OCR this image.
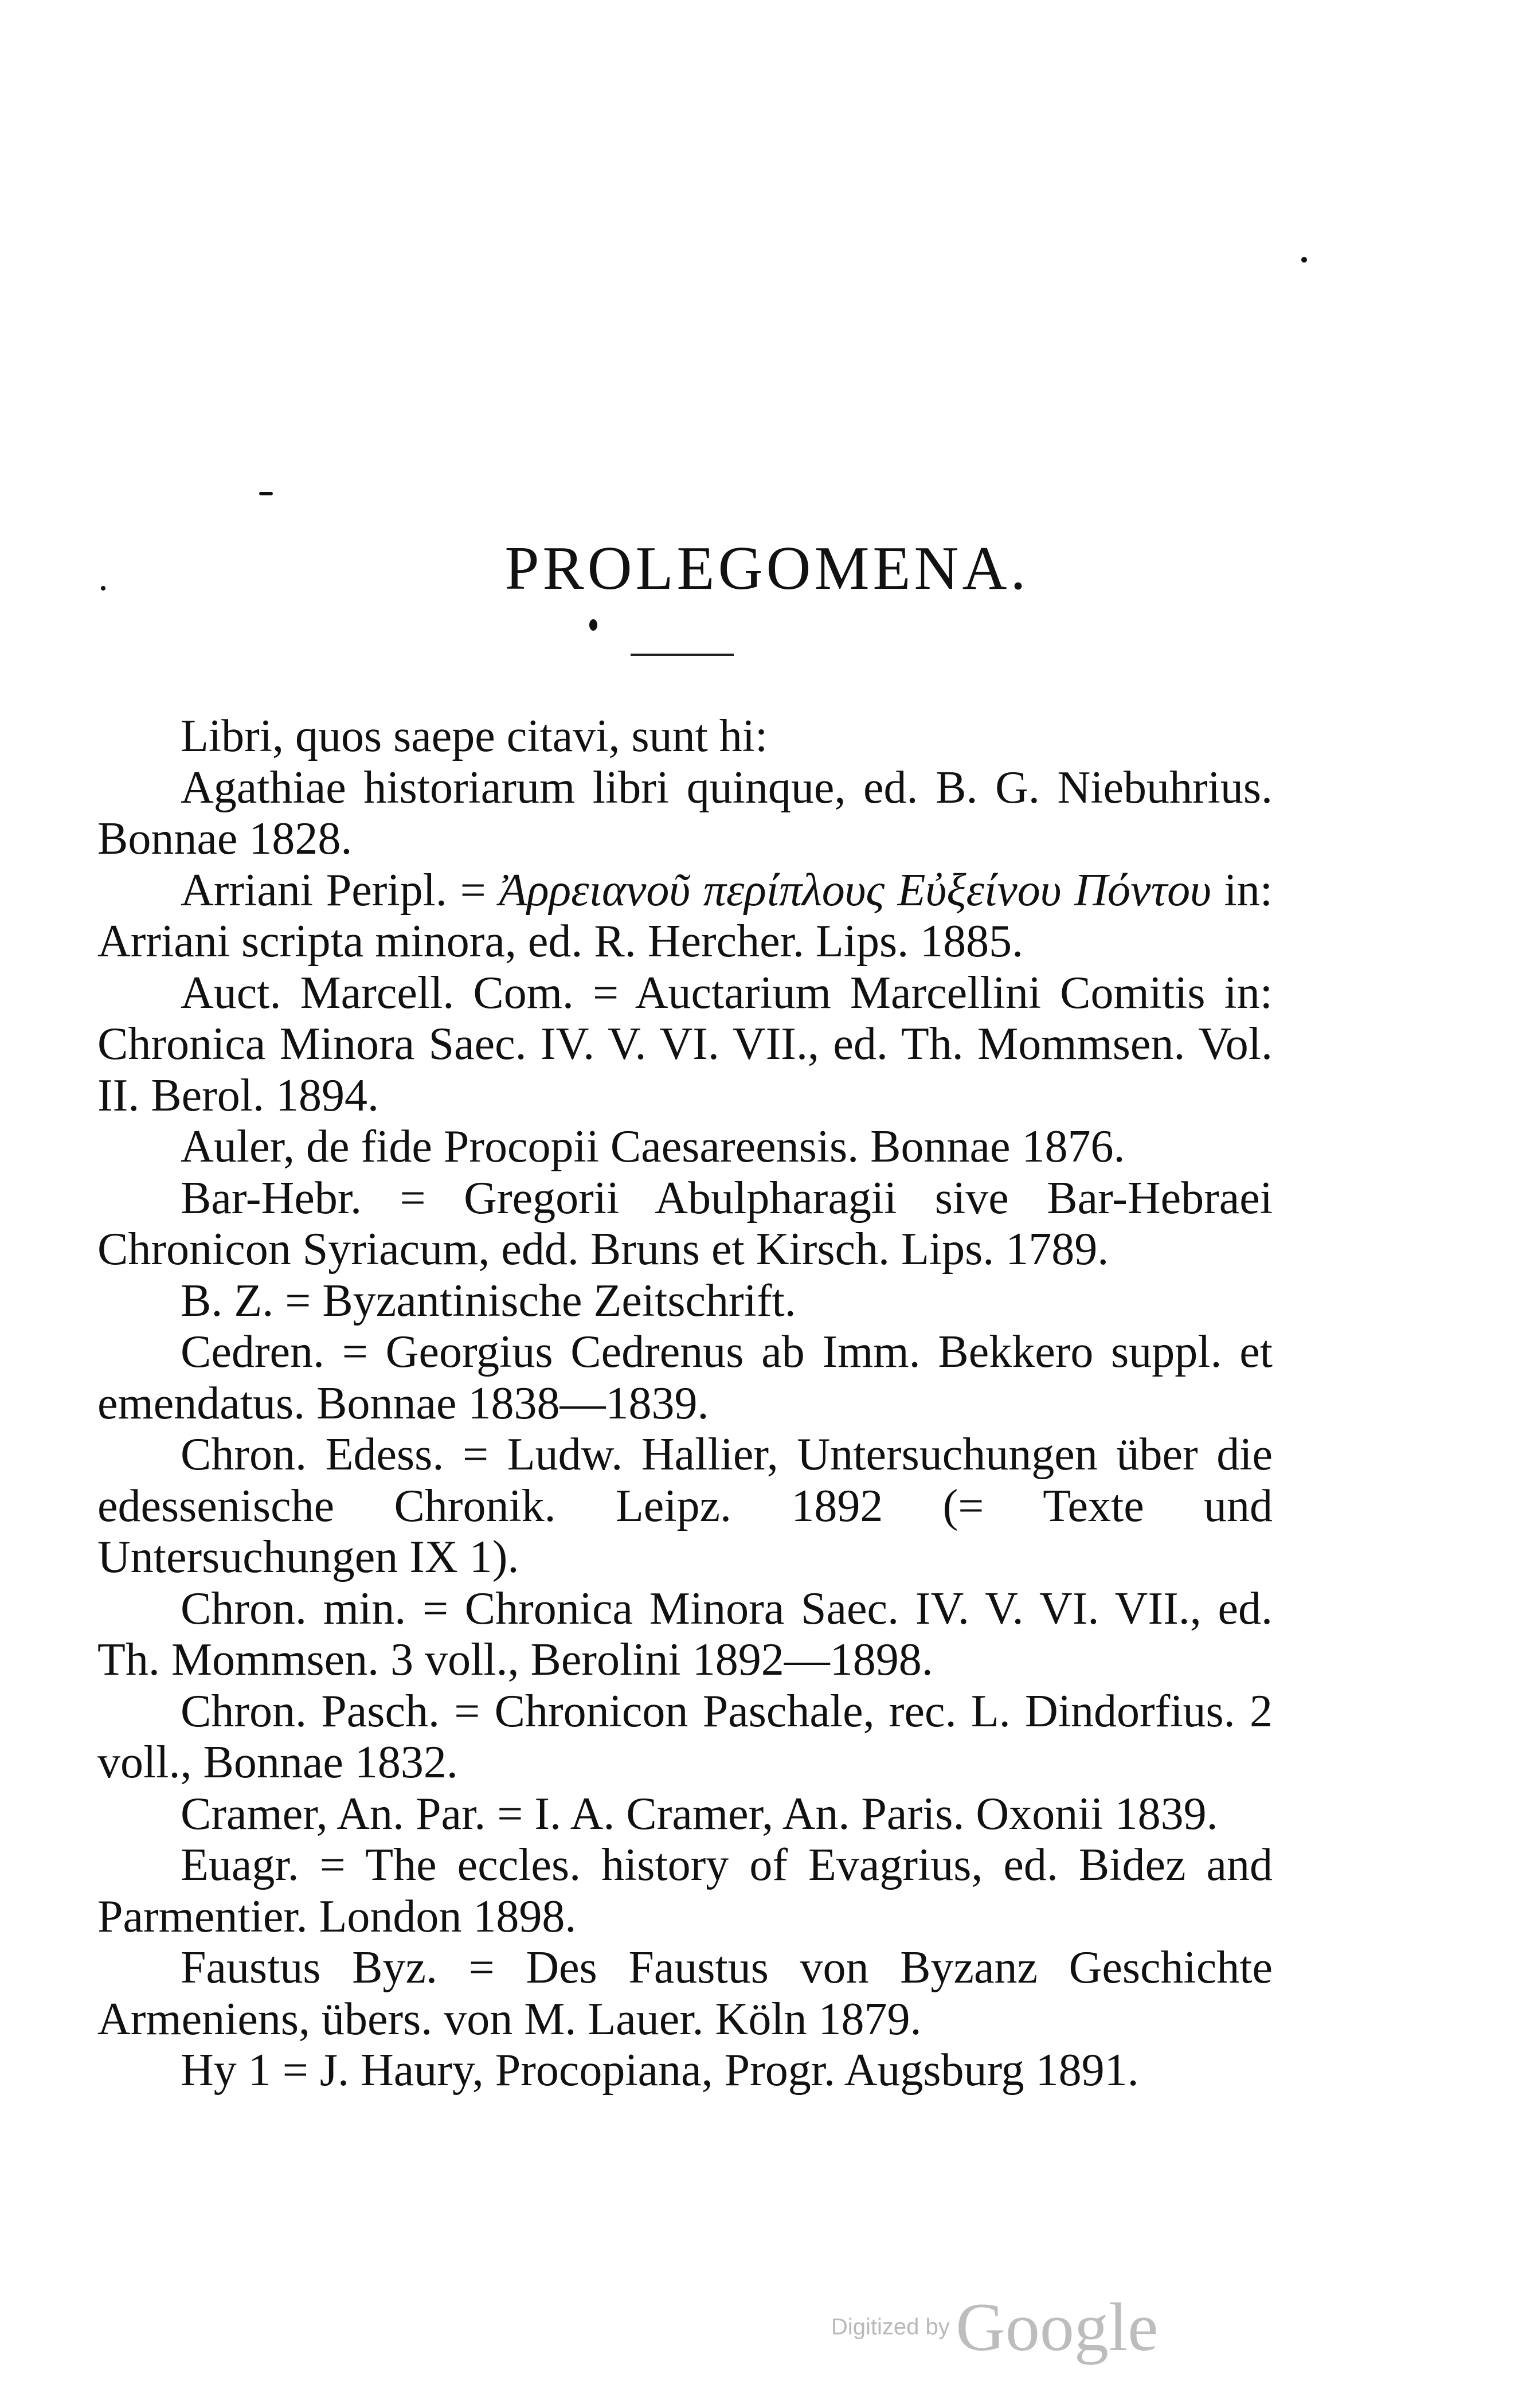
PROLEGOMENA.

Libri, quos saepe citavi, sunt hi:

Agathiae historiarum libri quinque, ed. B. G. Niebuhrius. Bonnae 1828.

Arriani Peripl. = Ἀρρειανοῦ περίπλους Εὐξείνου Πόντου in: Arriani scripta minora, ed. R. Hercher. Lips. 1885.

Auct. Marcell. Com. = Auctarium Marcellini Comitis in: Chronica Minora Saec. IV. V. VI. VII., ed. Th. Mommsen. Vol. II. Berol. 1894.

Auler, de fide Procopii Caesareensis. Bonnae 1876.

Bar-Hebr. = Gregorii Abulpharagii sive Bar-Hebraei Chronicon Syriacum, edd. Bruns et Kirsch. Lips. 1789.

B. Z. = Byzantinische Zeitschrift.

Cedren. = Georgius Cedrenus ab Imm. Bekkero suppl. et emendatus. Bonnae 1838—1839.

Chron. Edess. = Ludw. Hallier, Untersuchungen über die edessenische Chronik. Leipz. 1892 (= Texte und Untersuchungen IX 1).

Chron. min. = Chronica Minora Saec. IV. V. VI. VII., ed. Th. Mommsen. 3 voll., Berolini 1892—1898.

Chron. Pasch. = Chronicon Paschale, rec. L. Dindorfius. 2 voll., Bonnae 1832.

Cramer, An. Par. = I. A. Cramer, An. Paris. Oxonii 1839.

Euagr. = The eccles. history of Evagrius, ed. Bidez and Parmentier. London 1898.

Faustus Byz. = Des Faustus von Byzanz Geschichte Armeniens, übers. von M. Lauer. Köln 1879.

Hy 1 = J. Haury, Procopiana, Progr. Augsburg 1891.

Digitized by Google
